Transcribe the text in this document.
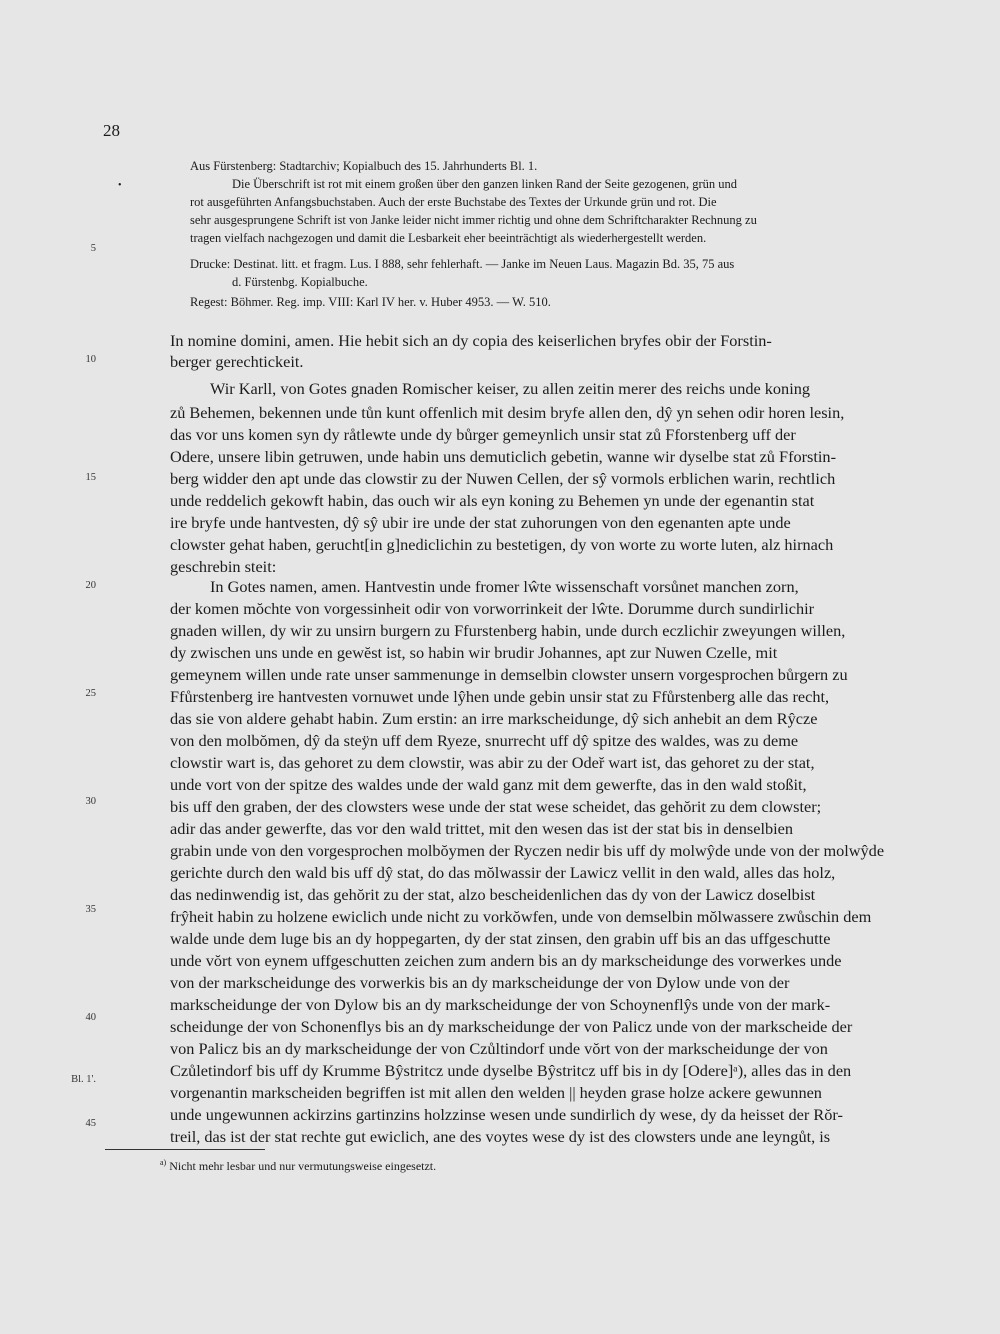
28
Aus Fürstenberg: Stadtarchiv; Kopialbuch des 15. Jahrhunderts Bl. 1.
•	Die Überschrift ist rot mit einem großen über den ganzen linken Rand der Seite gezogenen, grün und
rot ausgeführten Anfangsbuchstaben. Auch der erste Buchstabe des Textes der Urkunde grün und rot. Die
sehr ausgesprungene Schrift ist von Janke leider nicht immer richtig und ohne dem Schriftcharakter Rechnung zu
tragen vielfach nachgezogen und damit die Lesbarkeit eher beeinträchtigt als wiederhergestellt werden.
Drucke: Destinat. litt. et fragm. Lus. I 888, sehr fehlerhaft. — Janke im Neuen Laus. Magazin Bd. 35, 75 aus
d. Fürstenbg. Kopialbuche.
Regest: Böhmer. Reg. imp. VIII: Karl IV her. v. Huber 4953. — W. 510.
5
10
15
20
25
30
35
40
Bl. 1'.
45
In nomine domini, amen. Hie hebit sich an dy copia des keiserlichen bryfes obir der Forstin-
berger gerechtickeit.
Wir Karll, von Gotes gnaden Romischer keiser, zu allen zeitin merer des reichs unde koning
zů Behemen, bekennen unde tůn kunt offenlich mit desim bryfe allen den, dŷ yn sehen odir horen lesin,
das vor uns komen syn dy råtlewte unde dy bůrger gemeynlich unsir stat zů Fforstenberg uff der
Odere, unsere libin getruwen, unde habin uns demuticlich gebetin, wanne wir dyselbe stat zů Fforstin-
berg widder den apt unde das clowstir zu der Nuwen Cellen, der sŷ vormols erblichen warin, rechtlich
unde reddelich gekowft habin, das ouch wir als eyn koning zu Behemen yn unde der egenantin stat
ire bryfe unde hantvesten, dŷ sŷ ubir ire unde der stat zuhorungen von den egenanten apte unde
clowster gehat haben, gerucht[in g]nediclichin zu bestetigen, dy von worte zu worte luten, alz hirnach
geschrebin steit:
In Gotes namen, amen. Hantvestin unde fromer lŵte wissenschaft vorsůnet manchen zorn,
der komen mŏchte von vorgessinheit odir von vorworrinkeit der lŵte. Dorumme durch sundirlichir
gnaden willen, dy wir zu unsirn burgern zu Ffurstenberg habin, unde durch eczlichir zweyungen willen,
dy zwischen uns unde en gewĕst ist, so habin wir brudir Johannes, apt zur Nuwen Czelle, mit
gemeynem willen unde rate unser sammenunge in demselbin clowster unsern vorgesprochen bůrgern zu
Ffůrstenberg ire hantvesten vornuwet unde lŷhen unde gebin unsir stat zu Ffůrstenberg alle das recht,
das sie von aldere gehabt habin. Zum erstin: an irre markscheidunge, dŷ sich anhebit an dem Rŷcze
von den molbŏmen, dŷ da steÿn uff dem Ryeze, snurrecht uff dŷ spitze des waldes, was zu deme
clowstir wart is, das gehoret zu dem clowstir, was abir zu der Odeř wart ist, das gehoret zu der stat,
unde vort von der spitze des waldes unde der wald ganz mit dem gewerfte, das in den wald stoßit,
bis uff den graben, der des clowsters wese unde der stat wese scheidet, das gehŏrit zu dem clowster;
adir das ander gewerfte, das vor den wald trittet, mit den wesen das ist der stat bis in denselbien
grabin unde von den vorgesprochen molbŏymen der Ryczen nedir bis uff dy molwŷde unde von der molwŷde
gerichte durch den wald bis uff dŷ stat, do das mŏlwassir der Lawicz vellit in den wald, alles das holz,
das nedinwendig ist, das gehŏrit zu der stat, alzo bescheidenlichen das dy von der Lawicz doselbist
frŷheit habin zu holzene ewiclich unde nicht zu vorkŏwfen, unde von demselbin mŏlwassere zwůschin dem
walde unde dem luge bis an dy hoppegarten, dy der stat zinsen, den grabin uff bis an das uffgeschutte
unde vŏrt von eynem uffgeschutten zeichen zum andern bis an dy markscheidunge des vorwerkes unde
von der markscheidunge des vorwerkis bis an dy markscheidunge der von Dylow unde von der
markscheidunge der von Dylow bis an dy markscheidunge der von Schoynenflŷs unde von der mark-
scheidunge der von Schonenflys bis an dy markscheidunge der von Palicz unde von der markscheide der
von Palicz bis an dy markscheidunge der von Czůltindorf unde vŏrt von der markscheidunge der von
Czůletindorf bis uff dy Krumme Bŷstritcz unde dyselbe Bŷstritcz uff bis in dy [Odere]ᵃ), alles das in den
vorgenantin markscheiden begriffen ist mit allen den welden || heyden grase holze ackere gewunnen
unde ungewunnen ackirzins gartinzins holzzinse wesen unde sundirlich dy wese, dy da heisset der Rŏr-
treil, das ist der stat rechte gut ewiclich, ane des voytes wese dy ist des clowsters unde ane leyngůt, is
$^{a)}$ Nicht mehr lesbar und nur vermutungsweise eingesetzt.
